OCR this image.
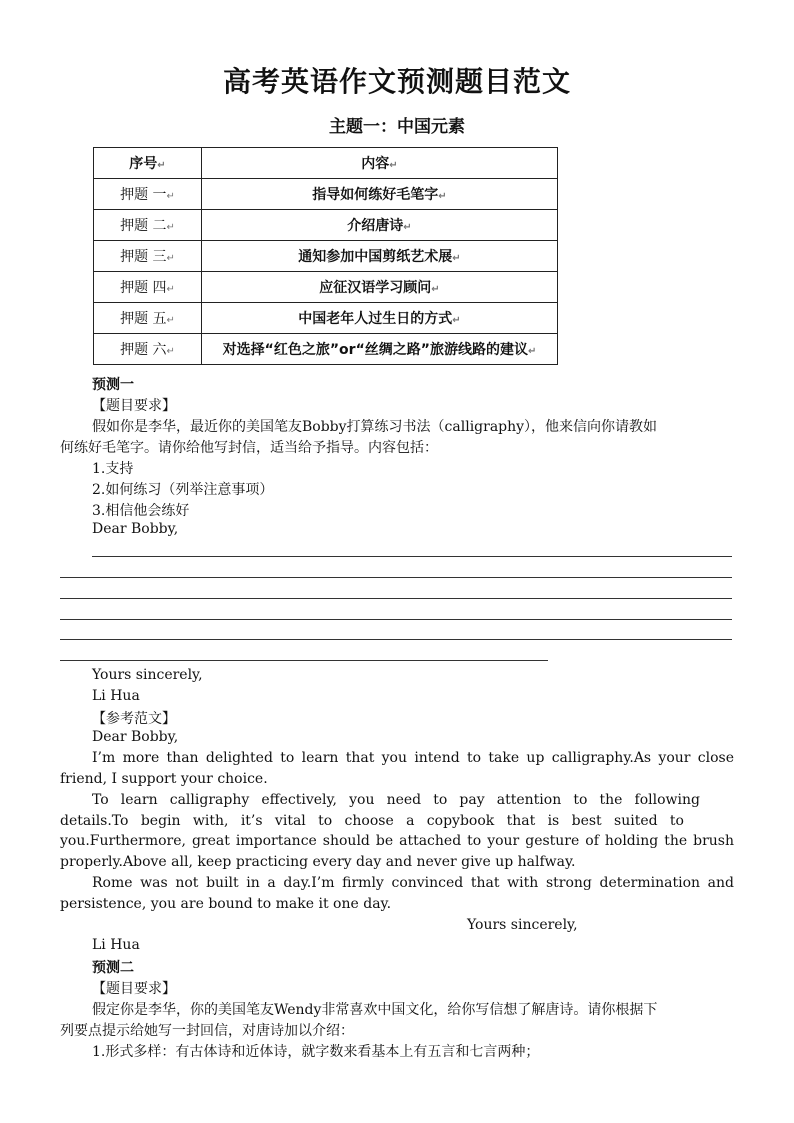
高考英语作文预测题目范文
主题一：中国元素
序号↵	内容↵
押题 一↵	指导如何练好毛笔字↵
押题 二↵	介绍唐诗↵
押题 三↵	通知参加中国剪纸艺术展↵
押题 四↵	应征汉语学习顾问↵
押题 五↵	中国老年人过生日的方式↵
押题 六↵	对选择“红色之旅”or“丝绸之路”旅游线路的建议↵
预测一
【题目要求】
假如你是李华，最近你的美国笔友Bobby打算练习书法（calligraphy），他来信向你请教如
何练好毛笔字。请你给他写封信，适当给予指导。内容包括：
1.支持
2.如何练习（列举注意事项）
3.相信他会练好
Dear Bobby,
Yours sincerely,
Li Hua
【参考范文】
Dear Bobby,
I’m more than delighted to learn that you intend to take up calligraphy.As your close
friend, I support your choice.
To learn calligraphy effectively, you need to pay attention to the following
details.To begin with, it’s vital to choose a copybook that is best suited to
you.Furthermore, great importance should be attached to your gesture of holding the brush
properly.Above all, keep practicing every day and never give up halfway.
Rome was not built in a day.I’m firmly convinced that with strong determination and
persistence, you are bound to make it one day.
Yours sincerely,
Li Hua
预测二
【题目要求】
假定你是李华，你的美国笔友Wendy非常喜欢中国文化，给你写信想了解唐诗。请你根据下
列要点提示给她写一封回信，对唐诗加以介绍：
1.形式多样：有古体诗和近体诗，就字数来看基本上有五言和七言两种；
